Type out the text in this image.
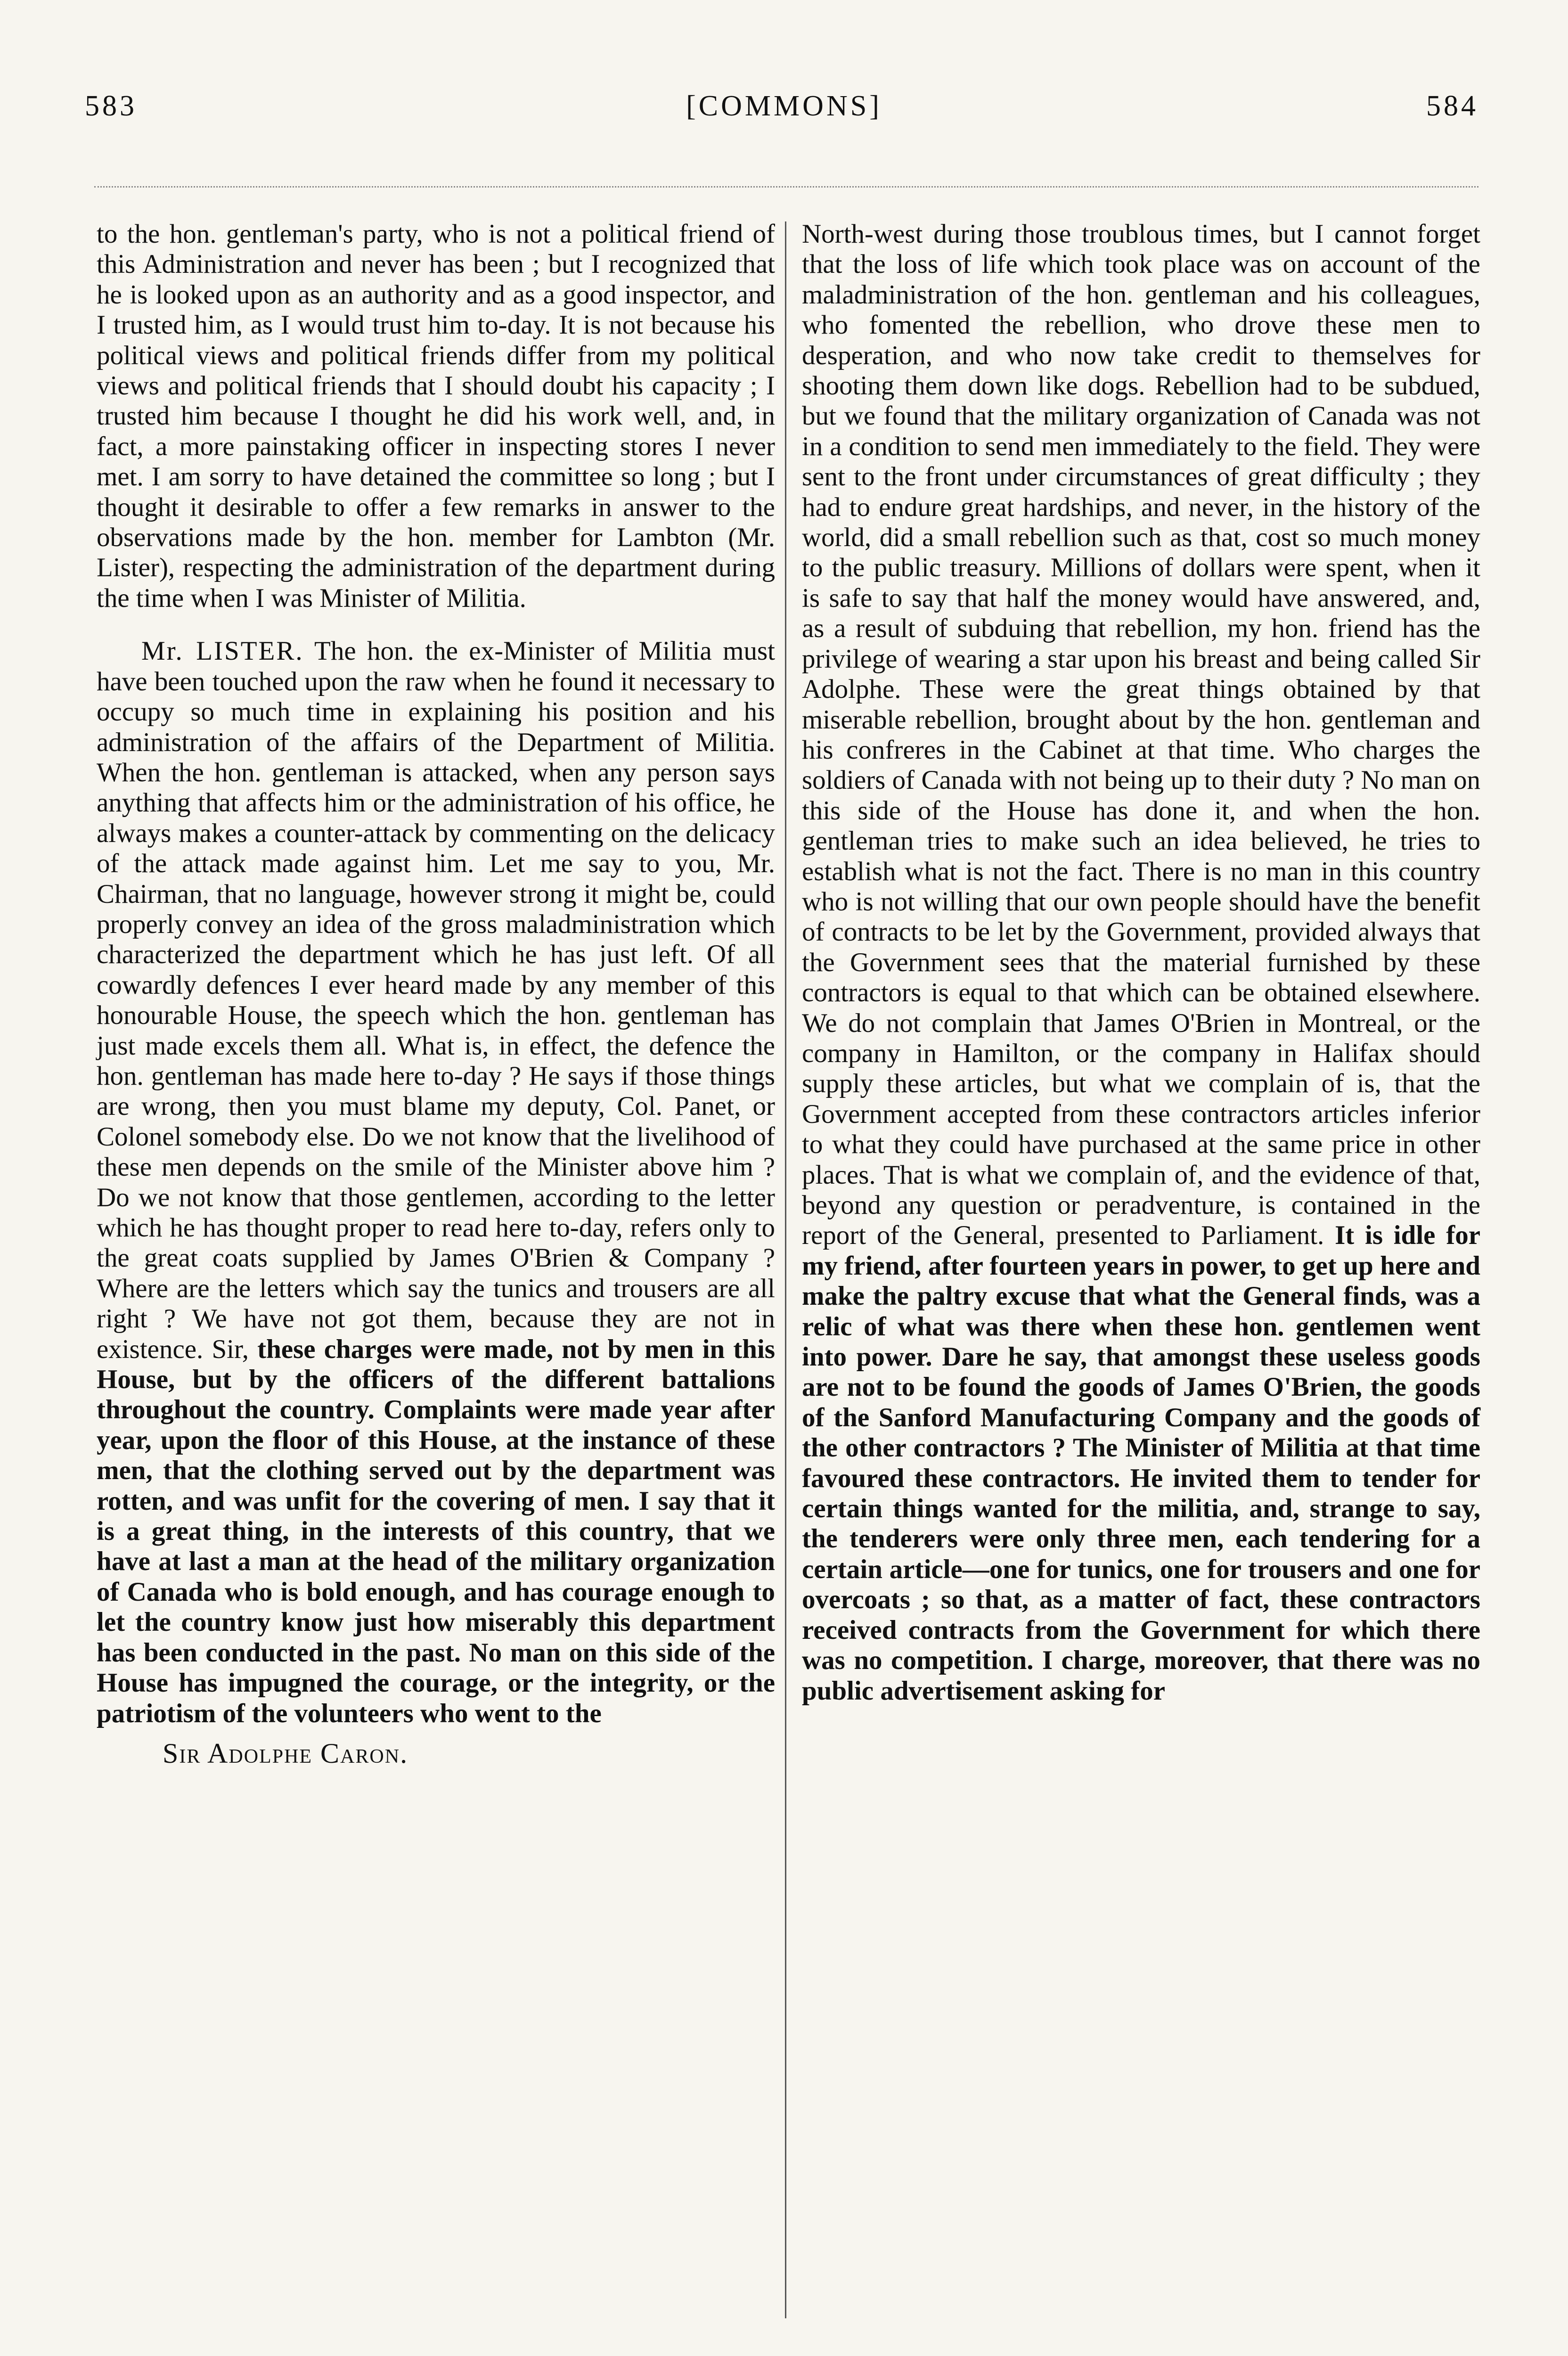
583	[COMMONS]	584

to the hon. gentleman's party, who is not a political friend of this Administration and never has been ; but I recognized that he is looked upon as an authority and as a good inspector, and I trusted him, as I would trust him to-day. It is not because his political views and political friends differ from my political views and political friends that I should doubt his capacity ; I trusted him because I thought he did his work well, and, in fact, a more painstaking officer in inspecting stores I never met. I am sorry to have detained the committee so long ; but I thought it desirable to offer a few remarks in answer to the observations made by the hon. member for Lambton (Mr. Lister), respecting the administration of the department during the time when I was Minister of Militia.

Mr. LISTER. The hon. the ex-Minister of Militia must have been touched upon the raw when he found it necessary to occupy so much time in explaining his position and his administration of the affairs of the Department of Militia. When the hon. gentleman is attacked, when any person says anything that affects him or the administration of his office, he always makes a counter-attack by commenting on the delicacy of the attack made against him. Let me say to you, Mr. Chairman, that no language, however strong it might be, could properly convey an idea of the gross maladministration which characterized the department which he has just left. Of all cowardly defences I ever heard made by any member of this honourable House, the speech which the hon. gentleman has just made excels them all. What is, in effect, the defence the hon. gentleman has made here to-day ? He says if those things are wrong, then you must blame my deputy, Col. Panet, or Colonel somebody else. Do we not know that the livelihood of these men depends on the smile of the Minister above him ? Do we not know that those gentlemen, according to the letter which he has thought proper to read here to-day, refers only to the great coats supplied by James O'Brien & Company ? Where are the letters which say the tunics and trousers are all right ? We have not got them, because they are not in existence. Sir, these charges were made, not by men in this House, but by the officers of the different battalions throughout the country. Complaints were made year after year, upon the floor of this House, at the instance of these men, that the clothing served out by the department was rotten, and was unfit for the covering of men. I say that it is a great thing, in the interests of this country, that we have at last a man at the head of the military organization of Canada who is bold enough, and has courage enough to let the country know just how miserably this department has been conducted in the past. No man on this side of the House has impugned the courage, or the integrity, or the patriotism of the volunteers who went to the

Sir Adolphe Caron.

North-west during those troublous times, but I cannot forget that the loss of life which took place was on account of the maladministration of the hon. gentleman and his colleagues, who fomented the rebellion, who drove these men to desperation, and who now take credit to themselves for shooting them down like dogs. Rebellion had to be subdued, but we found that the military organization of Canada was not in a condition to send men immediately to the field. They were sent to the front under circumstances of great difficulty ; they had to endure great hardships, and never, in the history of the world, did a small rebellion such as that, cost so much money to the public treasury. Millions of dollars were spent, when it is safe to say that half the money would have answered, and, as a result of subduing that rebellion, my hon. friend has the privilege of wearing a star upon his breast and being called Sir Adolphe. These were the great things obtained by that miserable rebellion, brought about by the hon. gentleman and his confreres in the Cabinet at that time. Who charges the soldiers of Canada with not being up to their duty ? No man on this side of the House has done it, and when the hon. gentleman tries to make such an idea believed, he tries to establish what is not the fact. There is no man in this country who is not willing that our own people should have the benefit of contracts to be let by the Government, provided always that the Government sees that the material furnished by these contractors is equal to that which can be obtained elsewhere. We do not complain that James O'Brien in Montreal, or the company in Hamilton, or the company in Halifax should supply these articles, but what we complain of is, that the Government accepted from these contractors articles inferior to what they could have purchased at the same price in other places. That is what we complain of, and the evidence of that, beyond any question or peradventure, is contained in the report of the General, presented to Parliament. It is idle for my friend, after fourteen years in power, to get up here and make the paltry excuse that what the General finds, was a relic of what was there when these hon. gentlemen went into power. Dare he say, that amongst these useless goods are not to be found the goods of James O'Brien, the goods of the Sanford Manufacturing Company and the goods of the other contractors ? The Minister of Militia at that time favoured these contractors. He invited them to tender for certain things wanted for the militia, and, strange to say, the tenderers were only three men, each tendering for a certain article—one for tunics, one for trousers and one for overcoats ; so that, as a matter of fact, these contractors received contracts from the Government for which there was no competition. I charge, moreover, that there was no public advertisement asking for
